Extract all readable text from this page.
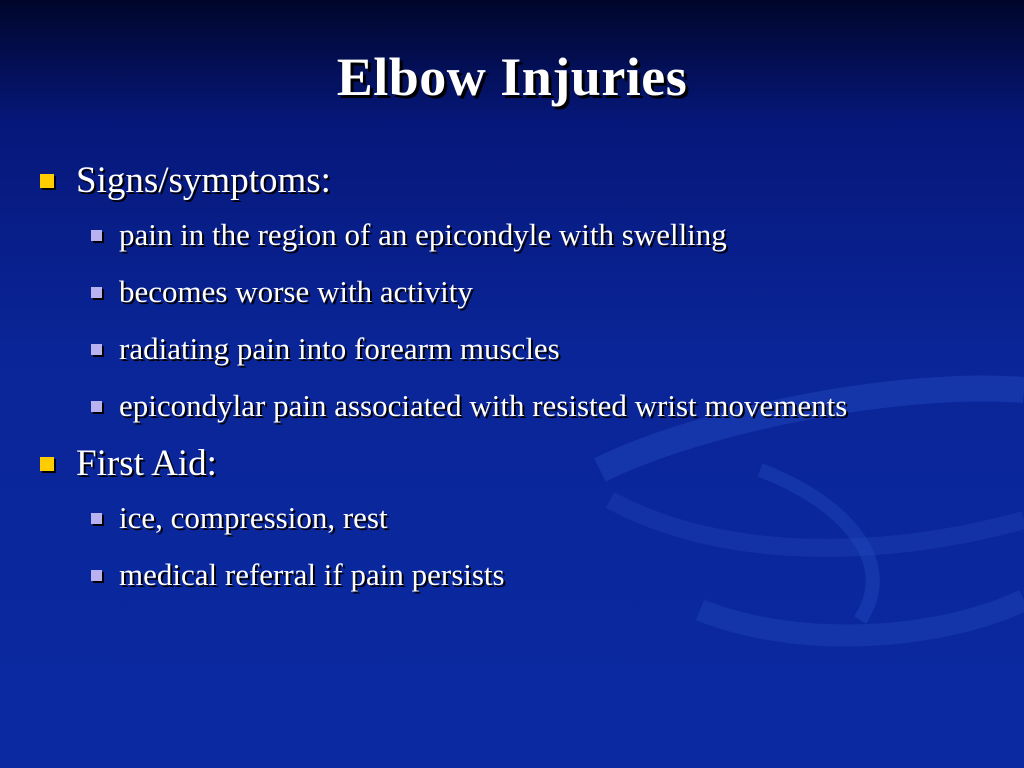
Elbow Injuries
Signs/symptoms:
pain in the region of an epicondyle with swelling
becomes worse with activity
radiating pain into forearm muscles
epicondylar pain associated with resisted wrist movements
First Aid:
ice, compression, rest
medical referral if pain persists
